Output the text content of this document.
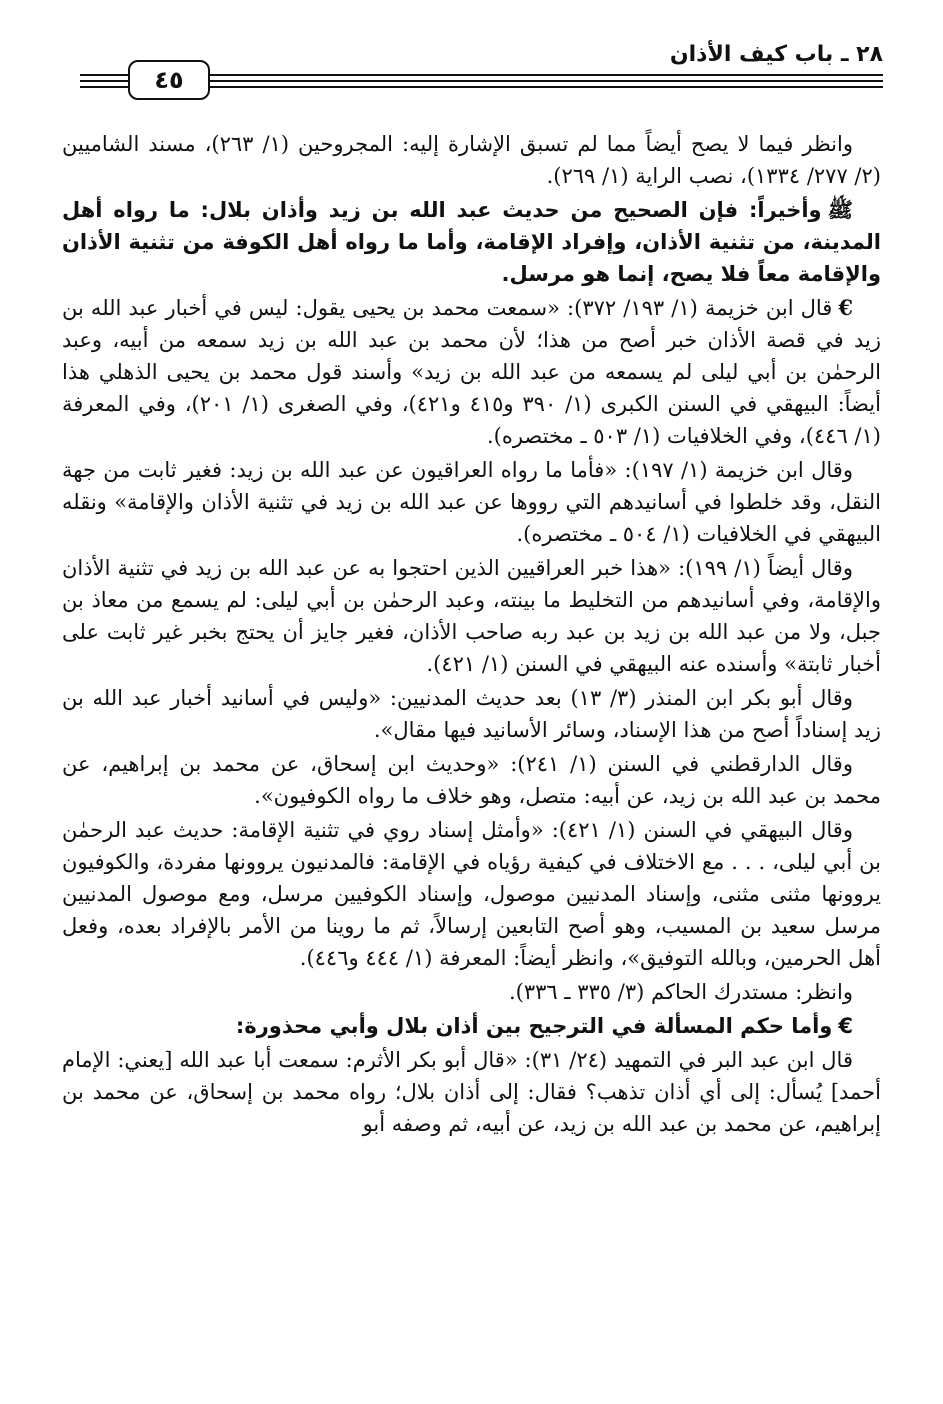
٢٨ ـ باب كيف الأذان
٤٥

وانظر فيما لا يصح أيضاً مما لم تسبق الإشارة إليه: المجروحين (١/ ٢٦٣)، مسند الشاميين (٢/ ٢٧٧/ ١٣٣٤)، نصب الراية (١/ ٢٦٩).

ﷺوأخيراً: فإن الصحيح من حديث عبد الله بن زيد وأذان بلال: ما رواه أهل المدينة، من تثنية الأذان، وإفراد الإقامة، وأما ما رواه أهل الكوفة من تثنية الأذان والإقامة معاً فلا يصح، إنما هو مرسل.

€قال ابن خزيمة (١/ ١٩٣/ ٣٧٢): «سمعت محمد بن يحيى يقول: ليس في أخبار عبد الله بن زيد في قصة الأذان خبر أصح من هذا؛ لأن محمد بن عبد الله بن زيد سمعه من أبيه، وعبد الرحمٰن بن أبي ليلى لم يسمعه من عبد الله بن زيد» وأسند قول محمد بن يحيى الذهلي هذا أيضاً: البيهقي في السنن الكبرى (١/ ٣٩٠ و٤١٥ و٤٢١)، وفي الصغرى (١/ ٢٠١)، وفي المعرفة (١/ ٤٤٦)، وفي الخلافيات (١/ ٥٠٣ ـ مختصره).

وقال ابن خزيمة (١/ ١٩٧): «فأما ما رواه العراقيون عن عبد الله بن زيد: فغير ثابت من جهة النقل، وقد خلطوا في أسانيدهم التي رووها عن عبد الله بن زيد في تثنية الأذان والإقامة» ونقله البيهقي في الخلافيات (١/ ٥٠٤ ـ مختصره).

وقال أيضاً (١/ ١٩٩): «هذا خبر العراقيين الذين احتجوا به عن عبد الله بن زيد في تثنية الأذان والإقامة، وفي أسانيدهم من التخليط ما بينته، وعبد الرحمٰن بن أبي ليلى: لم يسمع من معاذ بن جبل، ولا من عبد الله بن زيد بن عبد ربه صاحب الأذان، فغير جايز أن يحتج بخبر غير ثابت على أخبار ثابتة» وأسنده عنه البيهقي في السنن (١/ ٤٢١).

وقال أبو بكر ابن المنذر (٣/ ١٣) بعد حديث المدنيين: «وليس في أسانيد أخبار عبد الله بن زيد إسناداً أصح من هذا الإسناد، وسائر الأسانيد فيها مقال».

وقال الدارقطني في السنن (١/ ٢٤١): «وحديث ابن إسحاق، عن محمد بن إبراهيم، عن محمد بن عبد الله بن زيد، عن أبيه: متصل، وهو خلاف ما رواه الكوفيون».

وقال البيهقي في السنن (١/ ٤٢١): «وأمثل إسناد روي في تثنية الإقامة: حديث عبد الرحمٰن بن أبي ليلى، . . . مع الاختلاف في كيفية رؤياه في الإقامة: فالمدنيون يروونها مفردة، والكوفيون يروونها مثنى مثنى، وإسناد المدنيين موصول، وإسناد الكوفيين مرسل، ومع موصول المدنيين مرسل سعيد بن المسيب، وهو أصح التابعين إرسالاً، ثم ما روينا من الأمر بالإفراد بعده، وفعل أهل الحرمين، وبالله التوفيق»، وانظر أيضاً: المعرفة (١/ ٤٤٤ و٤٤٦).

وانظر: مستدرك الحاكم (٣/ ٣٣٥ ـ ٣٣٦).

€وأما حكم المسألة في الترجيح بين أذان بلال وأبي محذورة:

قال ابن عبد البر في التمهيد (٢٤/ ٣١): «قال أبو بكر الأثرم: سمعت أبا عبد الله [يعني: الإمام أحمد] يُسأل: إلى أي أذان تذهب؟ فقال: إلى أذان بلال؛ رواه محمد بن إسحاق، عن محمد بن إبراهيم، عن محمد بن عبد الله بن زيد، عن أبيه، ثم وصفه أبو
